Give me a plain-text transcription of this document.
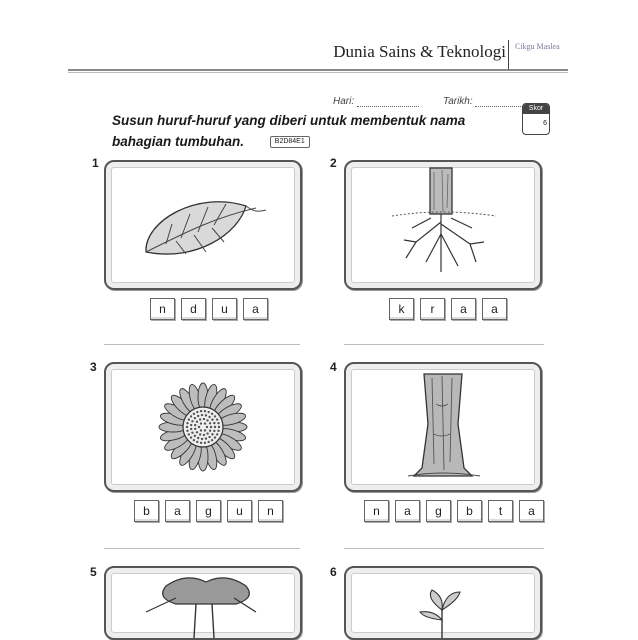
Dunia Sains & Teknologi Cikgu Maslea
Hari:	Tarikh:
Susun huruf-huruf yang diberi untuk membentuk nama bahagian tumbuhan.	B2D84E1
Skor
6
1
n	d	u	a
2
k	r	a	a
3
b	a	g	u	n
4
n	a	g	b	t	a
5	6
